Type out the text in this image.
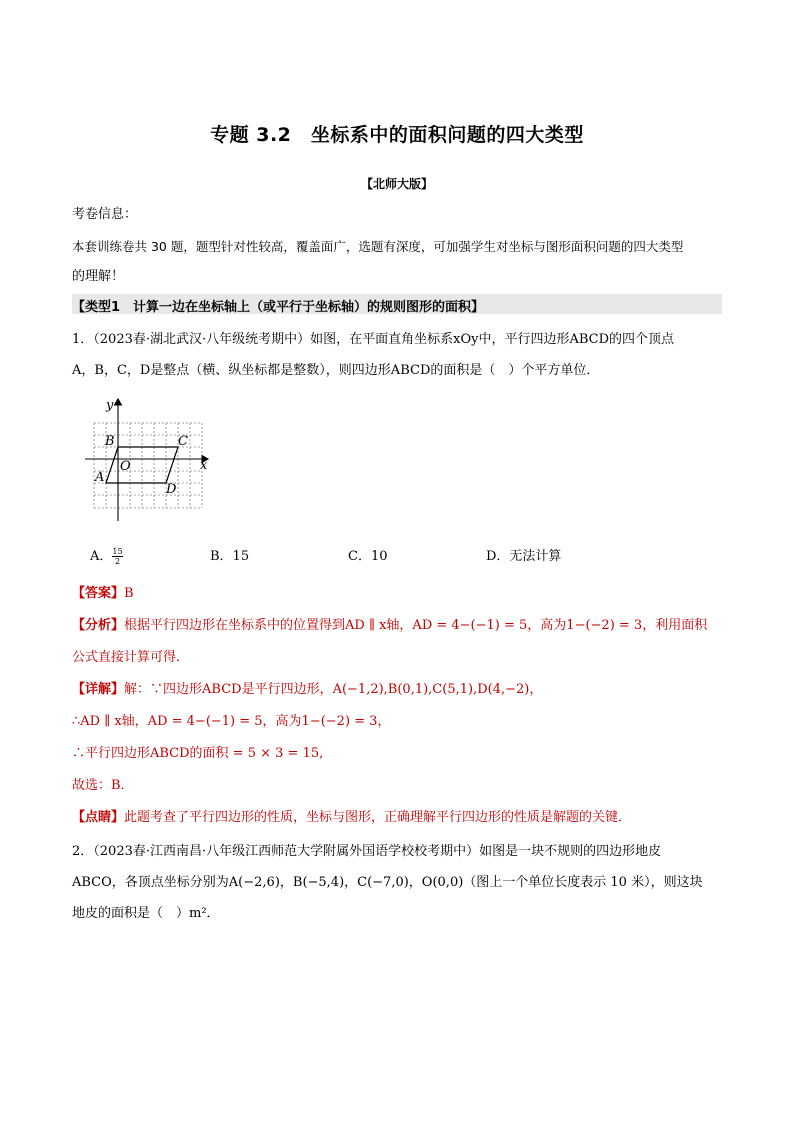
专题 3.2　坐标系中的面积问题的四大类型
【北师大版】
考卷信息：
本套训练卷共 30 题，题型针对性较高，覆盖面广，选题有深度，可加强学生对坐标与图形面积问题的四大类型
的理解！
【类型1　计算一边在坐标轴上（或平行于坐标轴）的规则图形的面积】
1．（2023春·湖北武汉·八年级统考期中）如图，在平面直角坐标系xOy中，平行四边形ABCD的四个顶点
A，B，C，D是整点（横、纵坐标都是整数），则四边形ABCD的面积是（　）个平方单位．
y
x
O
A
B	C
D
A． $\frac{15}{2}$	B．15	C．10	D．无法计算
【答案】B
【分析】根据平行四边形在坐标系中的位置得到AD ∥ x轴，AD = 4−(−1) = 5，高为1−(−2) = 3，利用面积
公式直接计算可得．
【详解】解：∵四边形ABCD是平行四边形，A(−1,2),B(0,1),C(5,1),D(4,−2)，
∴AD ∥ x轴，AD = 4−(−1) = 5，高为1−(−2) = 3，
∴平行四边形ABCD的面积 = 5 × 3 = 15,
故选：B．
【点睛】此题考查了平行四边形的性质，坐标与图形，正确理解平行四边形的性质是解题的关键．
2．（2023春·江西南昌·八年级江西师范大学附属外国语学校校考期中）如图是一块不规则的四边形地皮
ABCO，各顶点坐标分别为A(−2,6)，B(−5,4)，C(−7,0)，O(0,0)（图上一个单位长度表示 10 米），则这块
地皮的面积是（　）m²．
